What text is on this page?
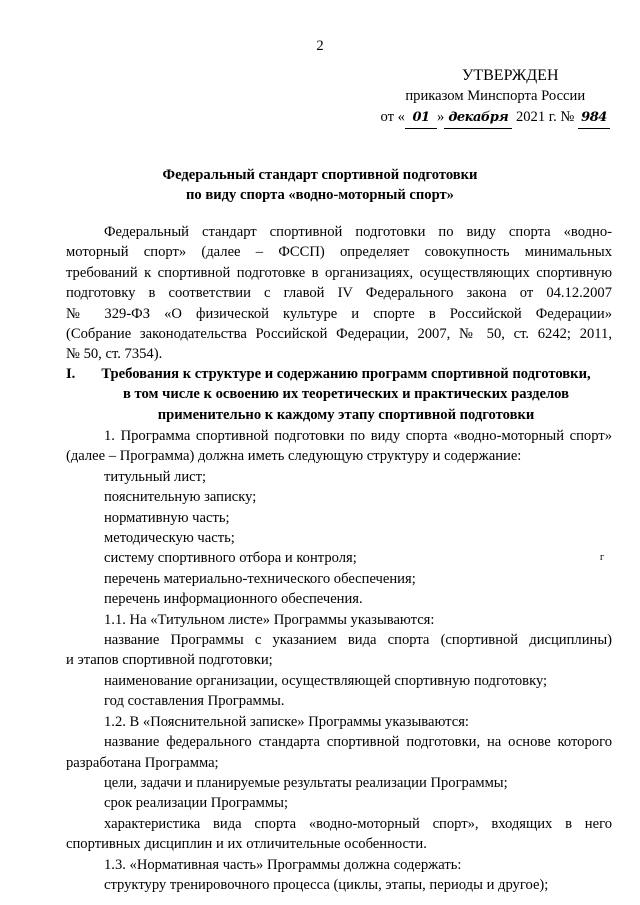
2
УТВЕРЖДЕН
приказом Минспорта России
от « 01 » декабря 2021 г. № 984
Федеральный стандарт спортивной подготовки
по виду спорта «водно-моторный спорт»
Федеральный стандарт спортивной подготовки по виду спорта «водно-
моторный спорт» (далее – ФССП) определяет совокупность минимальных
требований к спортивной подготовке в организациях, осуществляющих спортивную
подготовку в соответствии с главой IV Федерального закона от 04.12.2007
№ 329-ФЗ «О физической культуре и спорте в Российской Федерации»
(Собрание законодательства Российской Федерации, 2007, № 50, ст. 6242; 2011,
№ 50, ст. 7354).
I.	Требования к структуре и содержанию программ спортивной подготовки,
в том числе к освоению их теоретических и практических разделов
применительно к каждому этапу спортивной подготовки
1. Программа спортивной подготовки по виду спорта «водно-моторный спорт»
(далее – Программа) должна иметь следующую структуру и содержание:
титульный лист;
пояснительную записку;
нормативную часть;
методическую часть;
систему спортивного отбора и контроля;
перечень материально-технического обеспечения;
перечень информационного обеспечения.
1.1. На «Титульном листе» Программы указываются:
название Программы с указанием вида спорта (спортивной дисциплины)
и этапов спортивной подготовки;
наименование организации, осуществляющей спортивную подготовку;
год составления Программы.
1.2. В «Пояснительной записке» Программы указываются:
название федерального стандарта спортивной подготовки, на основе которого
разработана Программа;
цели, задачи и планируемые результаты реализации Программы;
срок реализации Программы;
характеристика вида спорта «водно-моторный спорт», входящих в него
спортивных дисциплин и их отличительные особенности.
1.3. «Нормативная часть» Программы должна содержать:
структуру тренировочного процесса (циклы, этапы, периоды и другое);
г
